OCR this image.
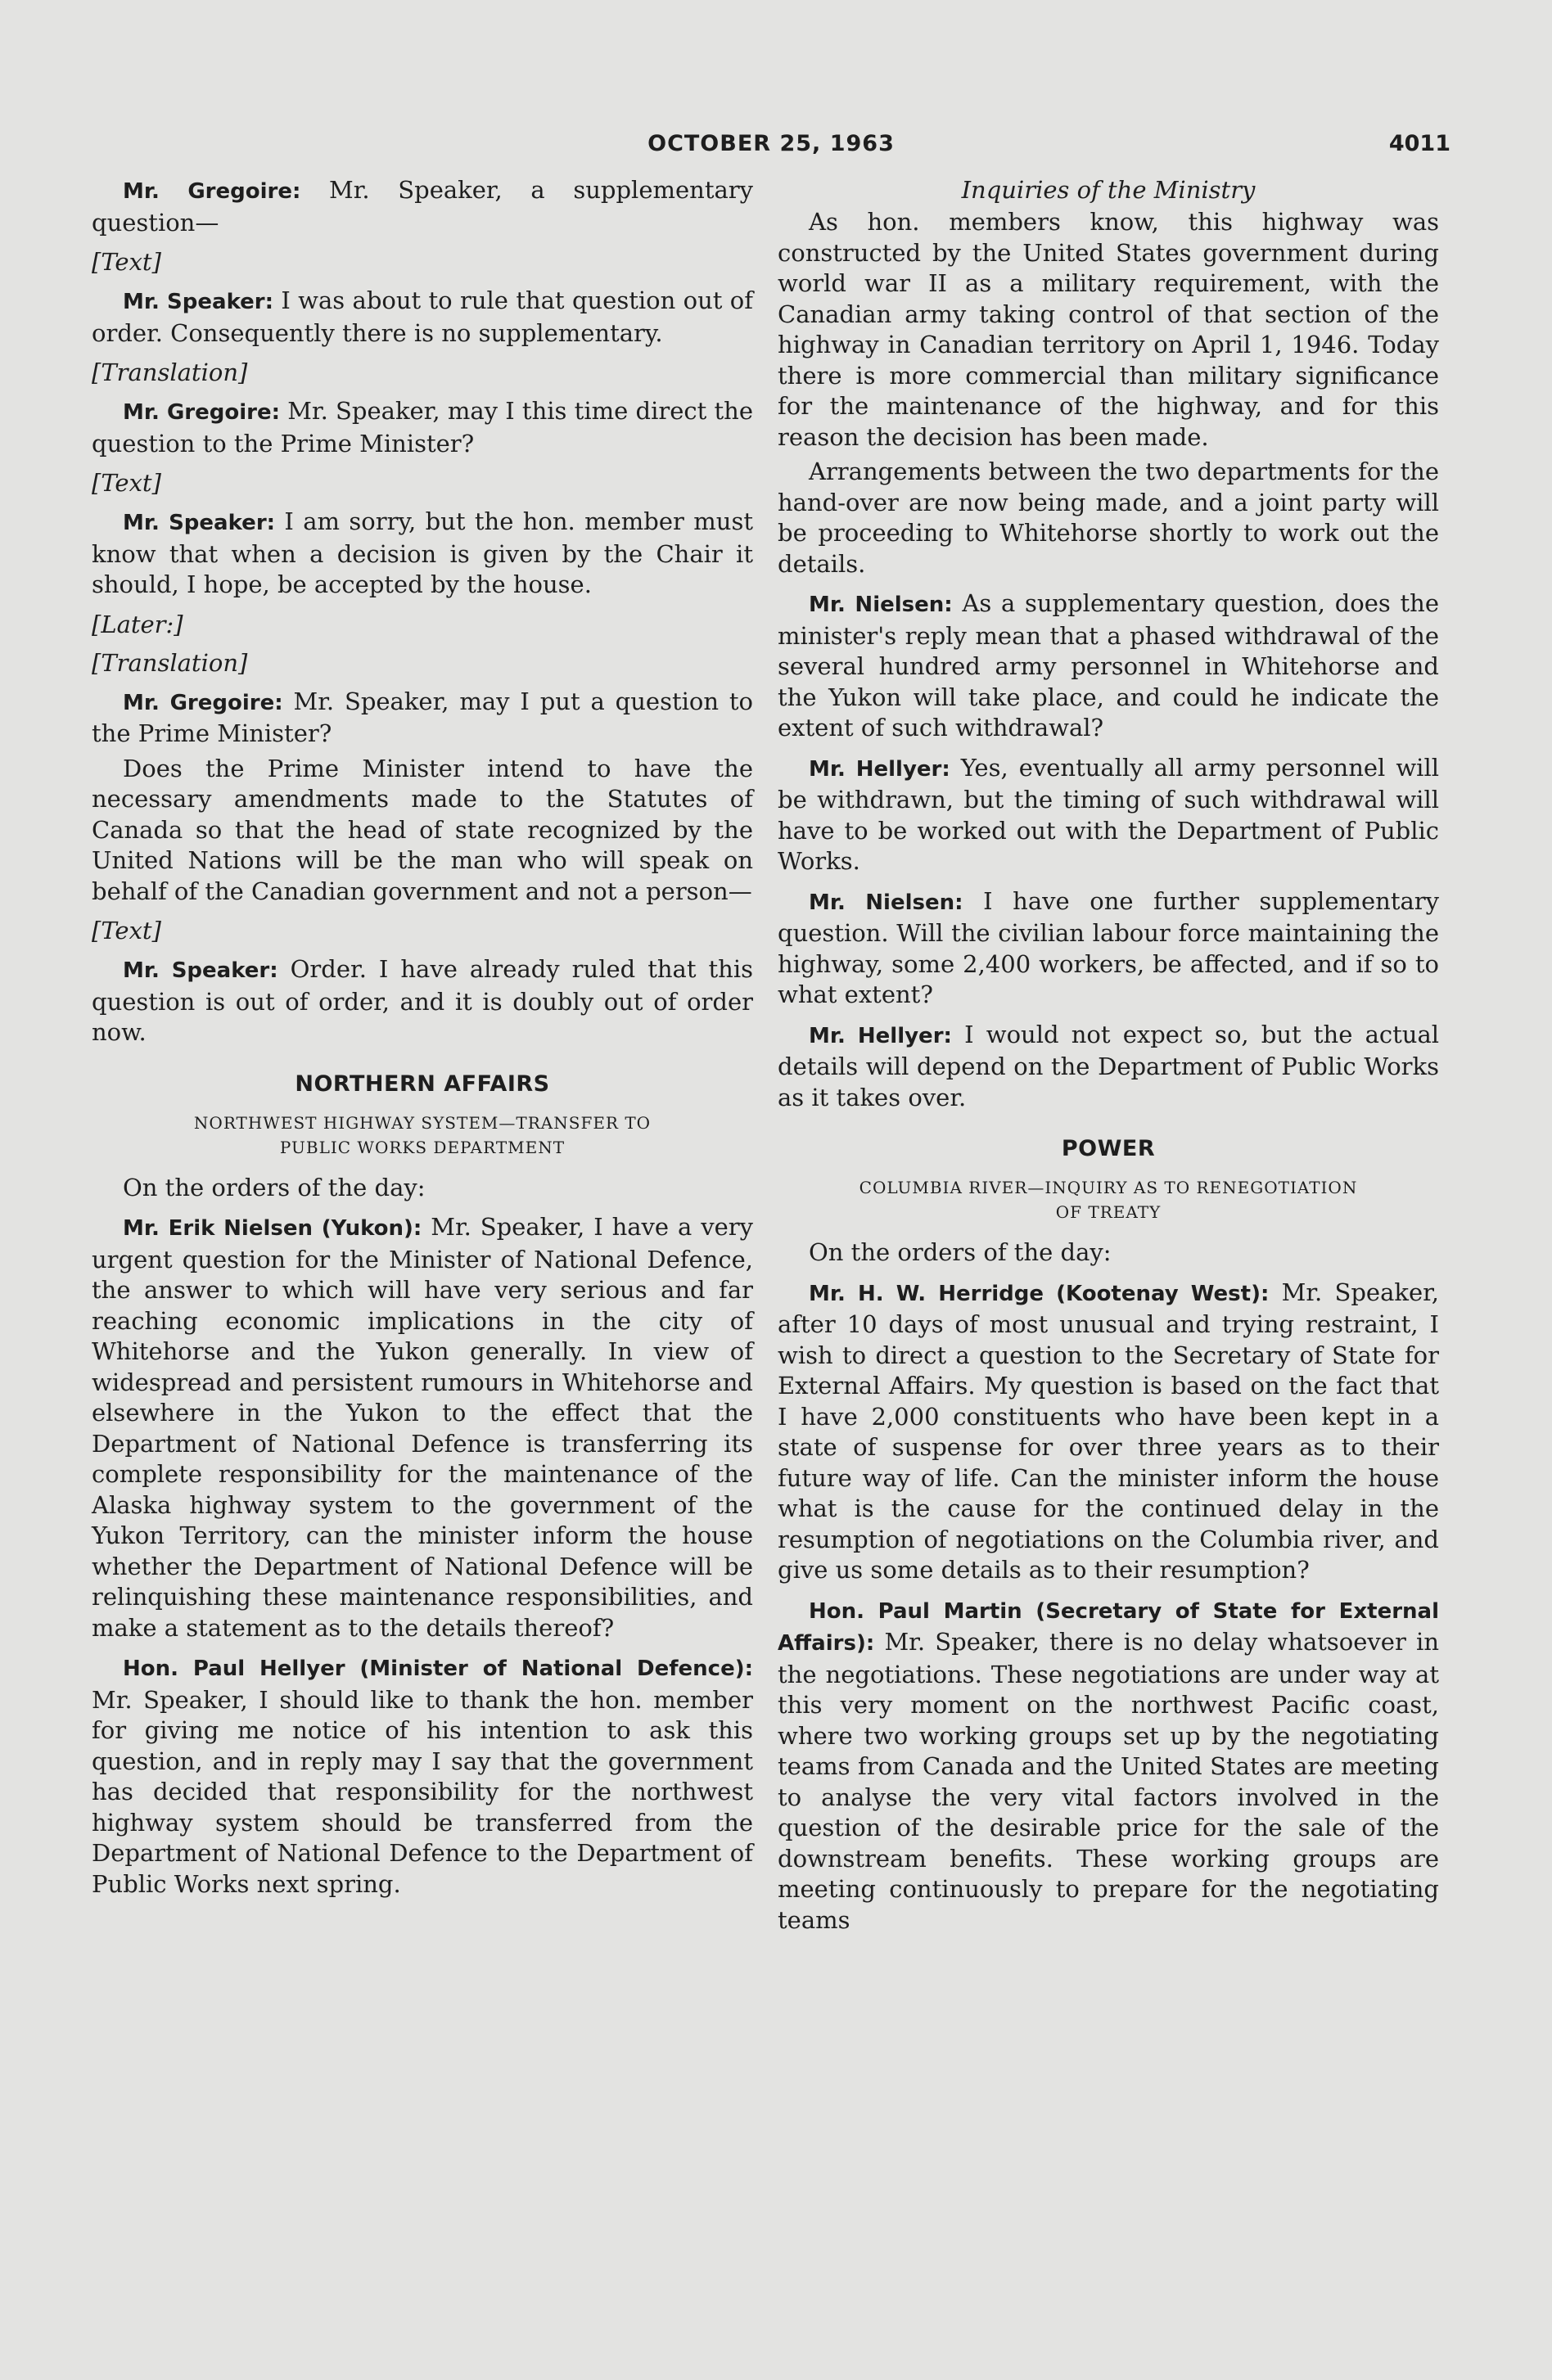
OCTOBER 25, 1963	4011

Mr. Gregoire: Mr. Speaker, a supplementary question—

[Text]

Mr. Speaker: I was about to rule that question out of order. Consequently there is no supplementary.

[Translation]

Mr. Gregoire: Mr. Speaker, may I this time direct the question to the Prime Minister?

[Text]

Mr. Speaker: I am sorry, but the hon. member must know that when a decision is given by the Chair it should, I hope, be accepted by the house.

[Later:]
[Translation]

Mr. Gregoire: Mr. Speaker, may I put a question to the Prime Minister?

Does the Prime Minister intend to have the necessary amendments made to the Statutes of Canada so that the head of state recognized by the United Nations will be the man who will speak on behalf of the Canadian government and not a person—

[Text]

Mr. Speaker: Order. I have already ruled that this question is out of order, and it is doubly out of order now.

NORTHERN AFFAIRS
NORTHWEST HIGHWAY SYSTEM—TRANSFER TO
PUBLIC WORKS DEPARTMENT

On the orders of the day:

Mr. Erik Nielsen (Yukon): Mr. Speaker, I have a very urgent question for the Minister of National Defence, the answer to which will have very serious and far reaching economic implications in the city of Whitehorse and the Yukon generally. In view of widespread and persistent rumours in Whitehorse and elsewhere in the Yukon to the effect that the Department of National Defence is transferring its complete responsibility for the maintenance of the Alaska highway system to the government of the Yukon Territory, can the minister inform the house whether the Department of National Defence will be relinquishing these maintenance responsibilities, and make a statement as to the details thereof?

Hon. Paul Hellyer (Minister of National Defence): Mr. Speaker, I should like to thank the hon. member for giving me notice of his intention to ask this question, and in reply may I say that the government has decided that responsibility for the northwest highway system should be transferred from the Department of National Defence to the Department of Public Works next spring.

Inquiries of the Ministry

As hon. members know, this highway was constructed by the United States government during world war II as a military requirement, with the Canadian army taking control of that section of the highway in Canadian territory on April 1, 1946. Today there is more commercial than military significance for the maintenance of the highway, and for this reason the decision has been made.

Arrangements between the two departments for the hand-over are now being made, and a joint party will be proceeding to Whitehorse shortly to work out the details.

Mr. Nielsen: As a supplementary question, does the minister's reply mean that a phased withdrawal of the several hundred army personnel in Whitehorse and the Yukon will take place, and could he indicate the extent of such withdrawal?

Mr. Hellyer: Yes, eventually all army personnel will be withdrawn, but the timing of such withdrawal will have to be worked out with the Department of Public Works.

Mr. Nielsen: I have one further supplementary question. Will the civilian labour force maintaining the highway, some 2,400 workers, be affected, and if so to what extent?

Mr. Hellyer: I would not expect so, but the actual details will depend on the Department of Public Works as it takes over.

POWER
COLUMBIA RIVER—INQUIRY AS TO RENEGOTIATION
OF TREATY

On the orders of the day:

Mr. H. W. Herridge (Kootenay West): Mr. Speaker, after 10 days of most unusual and trying restraint, I wish to direct a question to the Secretary of State for External Affairs. My question is based on the fact that I have 2,000 constituents who have been kept in a state of suspense for over three years as to their future way of life. Can the minister inform the house what is the cause for the continued delay in the resumption of negotiations on the Columbia river, and give us some details as to their resumption?

Hon. Paul Martin (Secretary of State for External Affairs): Mr. Speaker, there is no delay whatsoever in the negotiations. These negotiations are under way at this very moment on the northwest Pacific coast, where two working groups set up by the negotiating teams from Canada and the United States are meeting to analyse the very vital factors involved in the question of the desirable price for the sale of the downstream benefits. These working groups are meeting continuously to prepare for the negotiating teams
